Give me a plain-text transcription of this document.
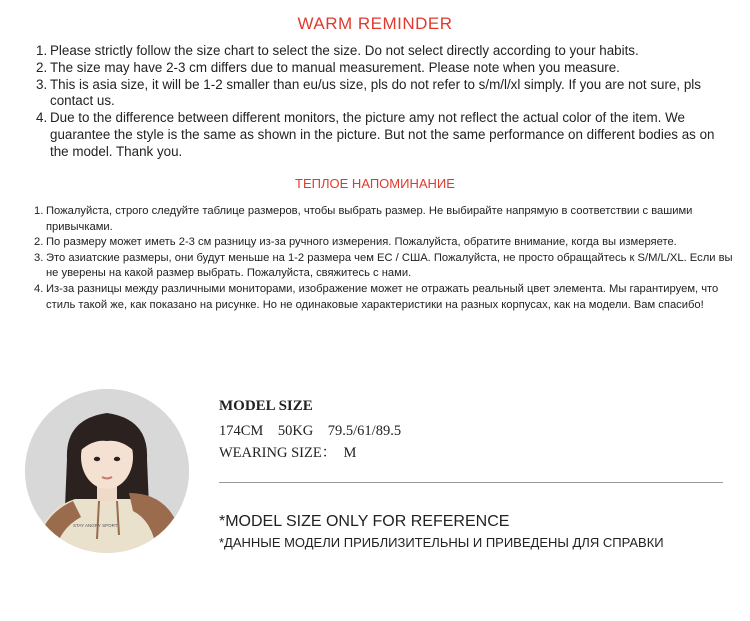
WARM REMINDER
1. Please strictly follow the size chart to select the size. Do not select directly according to your habits.
2. The size may have 2-3 cm differs due to manual measurement. Please note when you measure.
3. This is asia size, it will be 1-2 smaller than eu/us size, pls do not refer to s/m/l/xl simply. If you are not sure, pls contact us.
4. Due to the difference between different monitors, the picture amy not reflect the actual color of the item. We guarantee the style is the same as shown in the picture. But not the same performance on different bodies as on the model. Thank you.
ТЕПЛОЕ НАПОМИНАНИЕ
1. Пожалуйста, строго следуйте таблице размеров, чтобы выбрать размер. Не выбирайте напрямую в соответствии с вашими привычками.
2. По размеру может иметь 2-3 см разницу из-за ручного измерения. Пожалуйста, обратите внимание, когда вы измеряете.
3. Это азиатские размеры, они будут меньше на 1-2 размера чем ЕС / США. Пожалуйста, не просто обращайтесь к S/M/L/XL. Если вы не уверены на какой размер выбрать. Пожалуйста, свяжитесь с нами.
4. Из-за разницы между различными мониторами, изображение может не отражать реальный цвет элемента. Мы гарантируем, что стиль такой же, как показано на рисунке. Но не одинаковые характеристики на разных корпусах, как на модели. Вам спасибо!
STAY ANGRY SPORT
MODEL SIZE
174CM    50KG    79.5/61/89.5
WEARING SIZE：  M
*MODEL SIZE ONLY FOR REFERENCE
*ДАННЫЕ МОДЕЛИ ПРИБЛИЗИТЕЛЬНЫ И ПРИВЕДЕНЫ ДЛЯ СПРАВКИ
